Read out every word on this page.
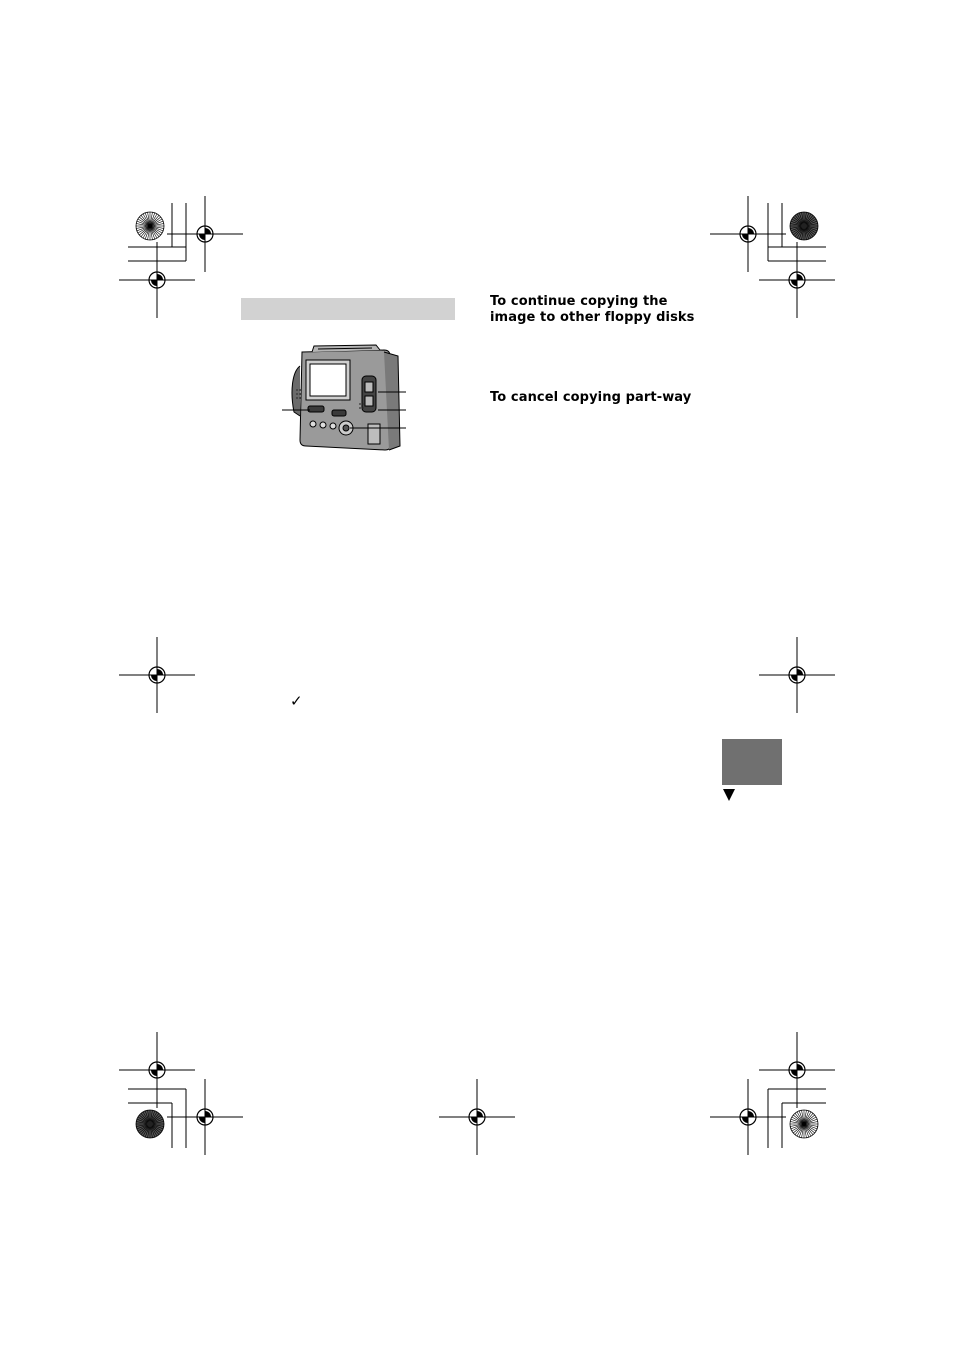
To continue copying the
image to other floppy disks
To cancel copying part-way
✓
